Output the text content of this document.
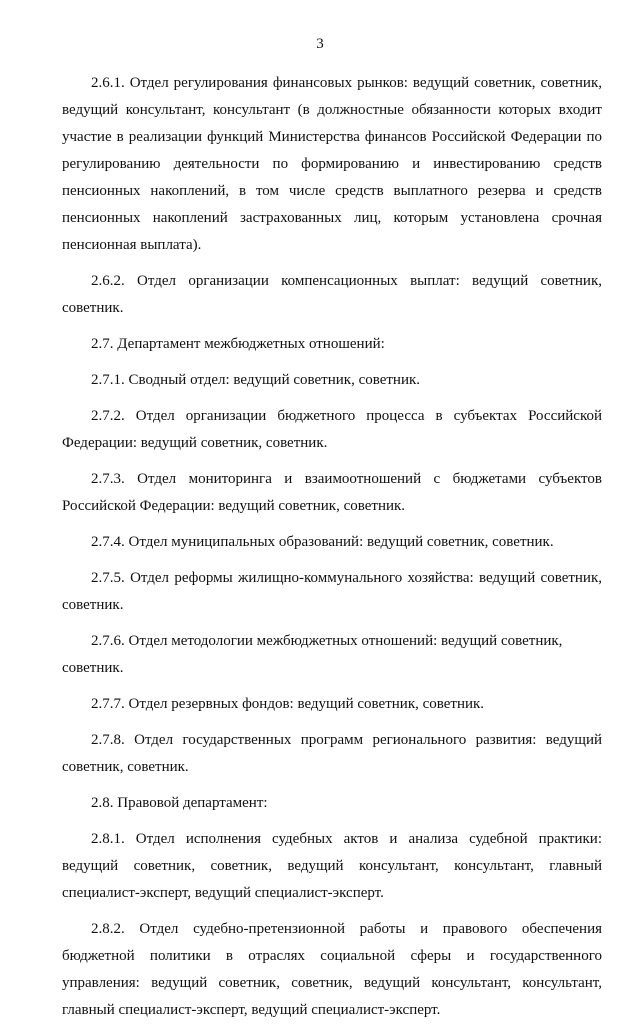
3

2.6.1. Отдел регулирования финансовых рынков: ведущий советник, советник, ведущий консультант, консультант (в должностные обязанности которых входит участие в реализации функций Министерства финансов Российской Федерации по регулированию деятельности по формированию и инвестированию средств пенсионных накоплений, в том числе средств выплатного резерва и средств пенсионных накоплений застрахованных лиц, которым установлена срочная пенсионная выплата).

2.6.2. Отдел организации компенсационных выплат: ведущий советник, советник.

2.7. Департамент межбюджетных отношений:

2.7.1. Сводный отдел: ведущий советник, советник.

2.7.2. Отдел организации бюджетного процесса в субъектах Российской Федерации: ведущий советник, советник.

2.7.3. Отдел мониторинга и взаимоотношений с бюджетами субъектов Российской Федерации: ведущий советник, советник.

2.7.4. Отдел муниципальных образований: ведущий советник, советник.

2.7.5. Отдел реформы жилищно-коммунального хозяйства: ведущий советник, советник.

2.7.6. Отдел методологии межбюджетных отношений: ведущий советник, советник.

2.7.7. Отдел резервных фондов: ведущий советник, советник.

2.7.8. Отдел государственных программ регионального развития: ведущий советник, советник.

2.8. Правовой департамент:

2.8.1. Отдел исполнения судебных актов и анализа судебной практики: ведущий советник, советник, ведущий консультант, консультант, главный специалист-эксперт, ведущий специалист-эксперт.

2.8.2. Отдел судебно-претензионной работы и правового обеспечения бюджетной политики в отраслях социальной сферы и государственного управления: ведущий советник, советник, ведущий консультант, консультант, главный специалист-эксперт, ведущий специалист-эксперт.
